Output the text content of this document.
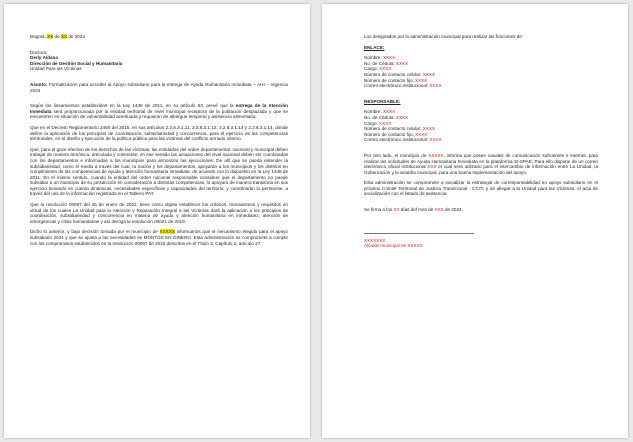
Bogotá, XX de XX de 2024

Doctora:
Derly Aldana
Dirección de Gestión Social y Humanitaria
Unidad Para las Víctimas

Asunto: Formalización para acceder al Apoyo subsidiario para la entrega de Ayuda Humanitaria Inmediata – AHI – Vigencia 2024

Según los lineamientos establecidos en la Ley 1448 de 2011, en su artículo 63, prevé que la entrega de la Atención Inmediata será proporcionada por la entidad territorial de nivel municipal receptora de la población desplazada y que se encuentren en situación de vulnerabilidad acentuada y requieran de albergue temporal y asistencia alimentaria.

Que en el Decreto Reglamentario 2460 del 2015, en sus artículos 2.2.8.3.1.11, 2.2.8.3.1.12, 2.2.8.3.1.13 y 2.2.8.3.1.14, donde define la aplicación de los principios de coordinación, subsidiariedad y concurrencia, para el ejercicio de las competencias territoriales; en el diseño y ejecución de la política pública para las víctimas del conflicto armado interno.

Que, para el goce efectivo de los derechos de las víctimas, las entidades del orden departamental, nacional y municipal deben trabajar de manera armónica, articulada y coherente; en ese sentido las actuaciones del nivel nacional deben ser coordinadas con los departamentos e informadas a los municipios para armonizar las ejecuciones. De allí que se pueda entender la subsidiariedad, como el medio a través del cual, la nación y los departamentos, apoyarán a los municipios y los distritos en cumplimiento de las competencias de ayuda y atención humanitaria inmediata, de acuerdo con lo dispuesto en la Ley 1448 de 2011. En el mismo sentido, cuando la entidad del orden nacional responsable considere que el departamento no puede subsidiar a un municipio de su jurisdicción en consideración a distintas competencias, lo apoyará de manera transitoria en sus ejercicio teniendo en cuenta dinámicas, necesidades específicas y capacidades del territorio; y coordinarán lo pertinente, a través del uso de la información registrada en el Tablero PAT.

Que la resolución 00097 del 25 de enero de 2022, tiene como objeto establecer los criterios, mecanismos y requisitos en virtud de los cuales La Unidad para la Atención y Reparación Integral a las Víctimas dará la aplicación a los principios de coordinación, subsidiariedad y concurrencia en materia de ayuda y atención humanitaria en inmediatez, atención de emergencias y crisis humanitarias y así deroga la resolución 00021 de 2019.

Dicho lo anterior, y bajo decisión tomada por el municipio de XXXXX informamos que el mecanismo elegido para el apoyo subsidiario 2024 y que se ajusta a las necesidades es MONTOS EN DINERO. Esta administración se compromete a cumplir con los compromisos establecidos en la resolución 00097 de 2022 descritos en el Título 2, Capítulo 2, artículo 27.

Los designados por la administración municipal para realizar las funciones de:

ENLACE:
Nombre: XXXX
No. de Cédula: XXXX
Cargo: XXXX
Número de contacto celular: XXXX
Número de contacto fijo: XXXX
Correo electrónico institucional: XXXX
RESPONSABLE:
Nombre: XXXX
No. de Cédula: XXXX
Cargo: XXXX
Número de contacto celular: XXXX
Número de contacto fijo: XXXX
Correo electrónico institucional: XXXX

Por otro lado, el municipio de XXXXX, informa que posee canales de comunicación suficientes e internet, para realizar las solicitudes de Ayuda Humanitaria Inmediata en la plataforma SI-SPAE; Para ello dispone de un correo electrónico oficial institucional XXX el cual será utilizado para el intercambio de información entre La Unidad, la Gobernación y la alcaldía municipal, para una buena implementación del apoyo.

Esta administración se compromete a socializar la estrategia de corresponsabilidad en apoyo subsidiario en el próximo Comité Territorial de Justicia Transicional - CTJT, y de allegar a la Unidad para las Víctimas, el acta de socialización con el listado de asistencia.

Se firma a los XX días del mes de XXX de 2024.

XXXXXXX
Alcalde municipal de XXXXX
